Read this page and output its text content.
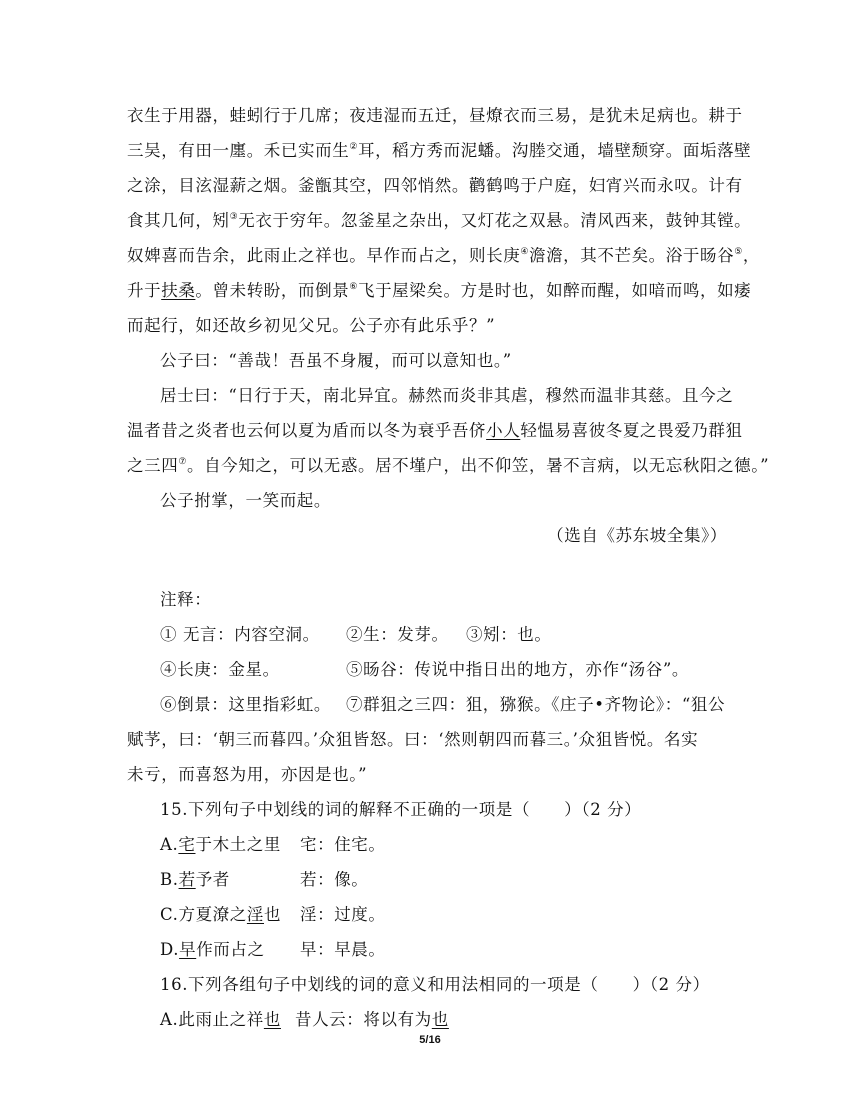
衣生于用器，蛙蚓行于几席；夜违湿而五迁，昼燎衣而三易，是犹未足病也。耕于
三吴，有田一廛。禾已实而生②耳，稻方秀而泥蟠。沟塍交通，墙壁颓穿。面垢落壁
之涂，目泫湿薪之烟。釜甑其空，四邻悄然。鹳鹤鸣于户庭，妇宵兴而永叹。计有
食其几何，矧③无衣于穷年。忽釜星之杂出，又灯花之双悬。清风西来，鼓钟其镗。
奴婢喜而告余，此雨止之祥也。早作而占之，则长庚④澹澹，其不芒矣。浴于旸谷⑤，
升于扶桑。曾未转盼，而倒景⑥飞于屋梁矣。方是时也，如醉而醒，如喑而鸣，如痿
而起行，如还故乡初见父兄。公子亦有此乐乎？”
公子曰：“善哉！吾虽不身履，而可以意知也。”
居士曰：“日行于天，南北异宜。赫然而炎非其虐，穆然而温非其慈。且今之
温者昔之炎者也云何以夏为盾而以冬为衰乎吾侪小人轻愠易喜彼冬夏之畏爱乃群狙
之三四⑦。自今知之，可以无惑。居不墐户，出不仰笠，暑不言病，以无忘秋阳之德。”
公子拊掌，一笑而起。
（选自《苏东坡全集》）
注释：
① 无言：内容空洞。 ②生：发芽。 ③矧：也。
④长庚：金星。	⑤旸谷：传说中指日出的地方，亦作“汤谷”。
⑥倒景：这里指彩虹。 ⑦群狙之三四：狙，猕猴。《庄子•齐物论》：“狙公
赋芧，曰：‘朝三而暮四。’众狙皆怒。曰：‘然则朝四而暮三。’众狙皆悦。名实
未亏，而喜怒为用，亦因是也。”
15.下列句子中划线的词的解释不正确的一项是（　　）（2 分）
A.宅于木土之里 宅：住宅。
B.若予者	若：像。
C.方夏潦之淫也 淫：过度。
D.早作而占之 早：早晨。
16.下列各组句子中划线的词的意义和用法相同的一项是（　　）（2 分）
A.此雨止之祥也 昔人云：将以有为也
5/16
